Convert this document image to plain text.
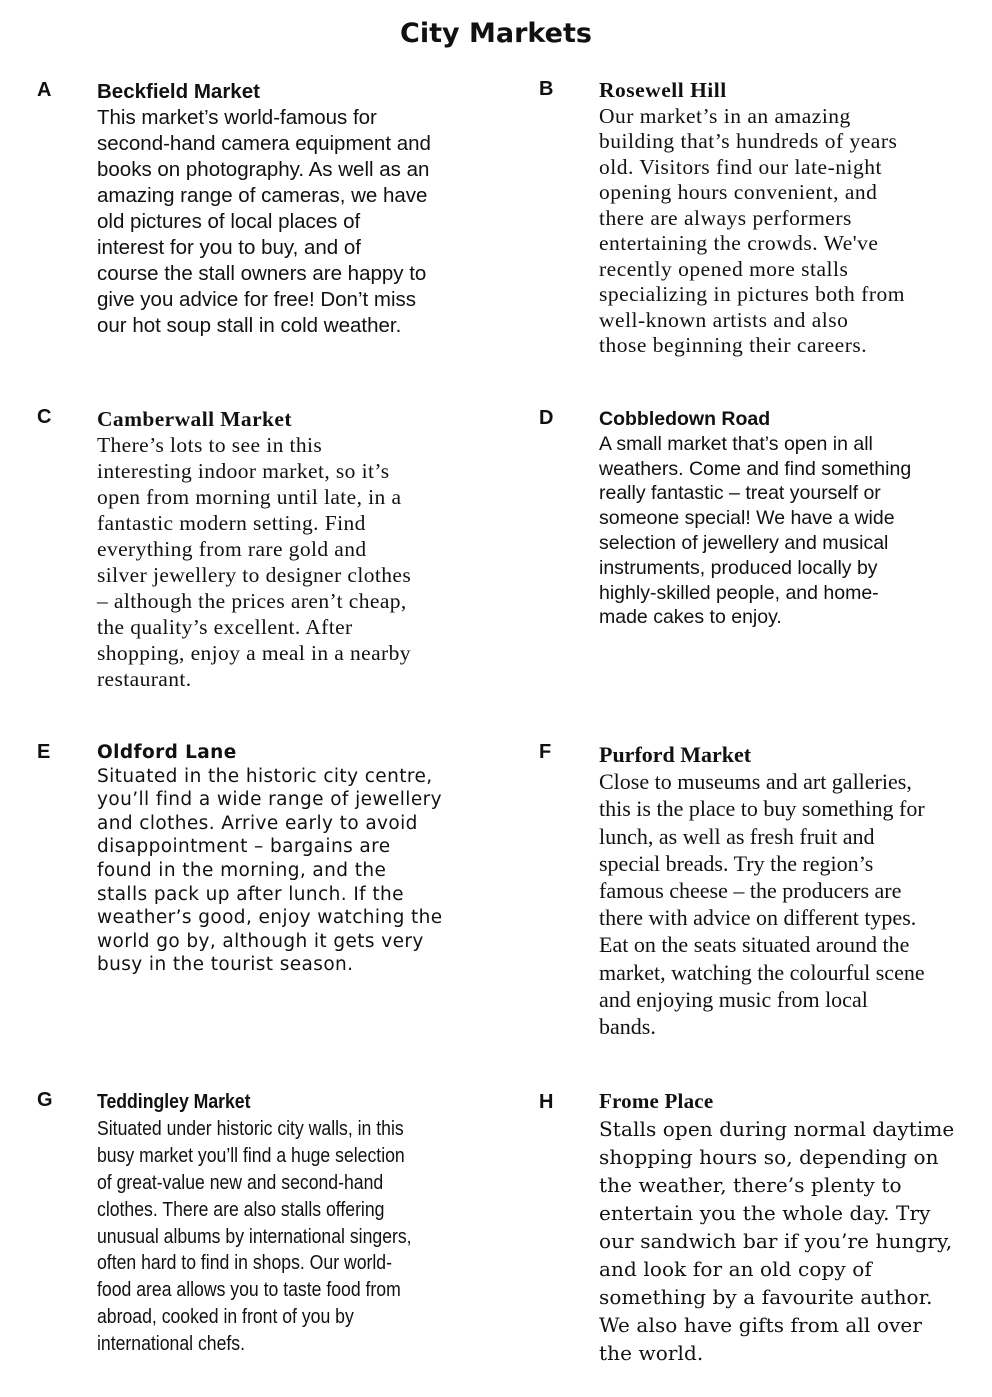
City Markets
A Beckfield Market
This market’s world-famous for
second-hand camera equipment and
books on photography. As well as an
amazing range of cameras, we have
old pictures of local places of
interest for you to buy, and of
course the stall owners are happy to
give you advice for free! Don’t miss
our hot soup stall in cold weather.
B Rosewell Hill
Our market’s in an amazing
building that’s hundreds of years
old. Visitors find our late-night
opening hours convenient, and
there are always performers
entertaining the crowds. We've
recently opened more stalls
specializing in pictures both from
well-known artists and also
those beginning their careers.
C Camberwall Market
There’s lots to see in this
interesting indoor market, so it’s
open from morning until late, in a
fantastic modern setting. Find
everything from rare gold and
silver jewellery to designer clothes
– although the prices aren’t cheap,
the quality’s excellent. After
shopping, enjoy a meal in a nearby
restaurant.
D Cobbledown Road
A small market that’s open in all
weathers. Come and find something
really fantastic – treat yourself or
someone special! We have a wide
selection of jewellery and musical
instruments, produced locally by
highly-skilled people, and home-
made cakes to enjoy.
E	Oldford Lane
Situated in the historic city centre,
you’ll find a wide range of jewellery
and clothes. Arrive early to avoid
disappointment – bargains are
found in the morning, and the
stalls pack up after lunch. If the
weather’s good, enjoy watching the
world go by, although it gets very
busy in the tourist season.
F Purford Market
Close to museums and art galleries,
this is the place to buy something for
lunch, as well as fresh fruit and
special breads. Try the region’s
famous cheese – the producers are
there with advice on different types.
Eat on the seats situated around the
market, watching the colourful scene
and enjoying music from local
bands.
G Teddingley Market
Situated under historic city walls, in this
busy market you’ll find a huge selection
of great-value new and second-hand
clothes. There are also stalls offering
unusual albums by international singers,
often hard to find in shops. Our world-
food area allows you to taste food from
abroad, cooked in front of you by
international chefs.
H Frome Place
Stalls open during normal daytime
shopping hours so, depending on
the weather, there’s plenty to
entertain you the whole day. Try
our sandwich bar if you’re hungry,
and look for an old copy of
something by a favourite author.
We also have gifts from all over
the world.
